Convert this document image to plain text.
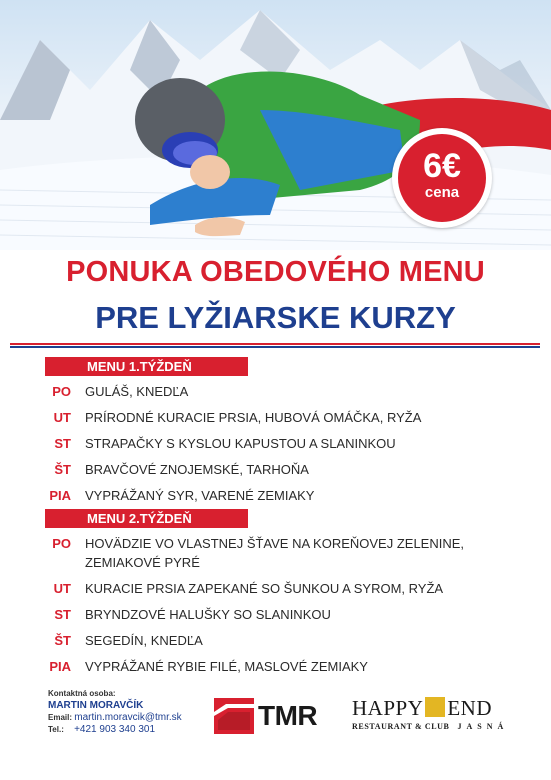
6€
cena
PONUKA OBEDOVÉHO MENU
PRE LYŽIARSKE KURZY
MENU 1.TÝŽDEŇ
PO	GULÁŠ, KNEDĽA
UT	PRÍRODNÉ KURACIE PRSIA, HUBOVÁ OMÁČKA, RYŽA
ST	STRAPAČKY S KYSLOU KAPUSTOU A SLANINKOU
ŠT	BRAVČOVÉ ZNOJEMSKÉ, TARHOŇA
PIA	VYPRÁŽANÝ SYR, VARENÉ ZEMIAKY
MENU 2.TÝŽDEŇ
PO	HOVÄDZIE VO VLASTNEJ ŠŤAVE NA KOREŇOVEJ ZELENINE,
ZEMIAKOVÉ PYRÉ
UT	KURACIE PRSIA ZAPEKANÉ SO ŠUNKOU A SYROM, RYŽA
ST	BRYNDZOVÉ HALUŠKY SO SLANINKOU
ŠT	SEGEDÍN, KNEDĽA
PIA	VYPRÁŽANÉ RYBIE FILÉ, MASLOVÉ ZEMIAKY
Kontaktná osoba:
MARTIN MORAVČÍK
Email: martin.moravcik@tmr.sk
Tel.: +421 903 340 301	TMR HAPPY END
RESTAURANT & CLUB JASNÁ
